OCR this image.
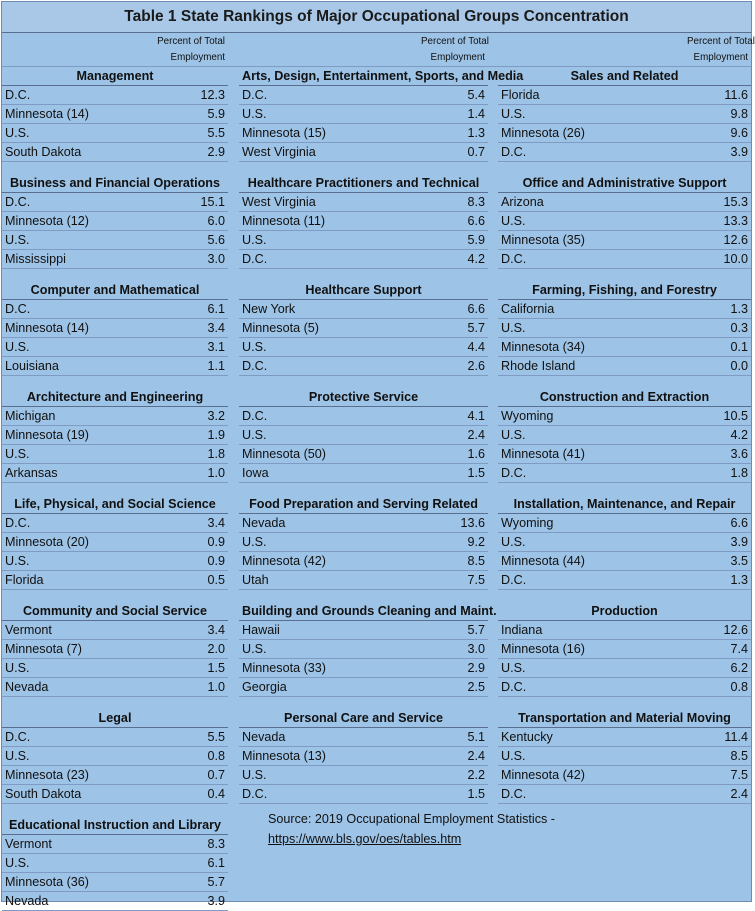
Table 1 State Rankings of Major Occupational Groups Concentration
	Percent of Total			Percent of Total			Percent of Total
	Employment			Employment			Employment
Management			Arts, Design, Entertainment, Sports, and Media			Sales and Related	
D.C.	12.3		D.C.	5.4		Florida	11.6
Minnesota (14)	5.9		U.S.	1.4		U.S.	9.8
U.S.	5.5		Minnesota (15)	1.3		Minnesota (26)	9.6
South Dakota	2.9		West Virginia	0.7		D.C.	3.9

Business and Financial Operations			Healthcare Practitioners and Technical			Office and Administrative Support	
D.C.	15.1		West Virginia	8.3		Arizona	15.3
Minnesota (12)	6.0		Minnesota (11)	6.6		U.S.	13.3
U.S.	5.6		U.S.	5.9		Minnesota (35)	12.6
Mississippi	3.0		D.C.	4.2		D.C.	10.0

Computer and Mathematical			Healthcare Support			Farming, Fishing, and Forestry	
D.C.	6.1		New York	6.6		California	1.3
Minnesota (14)	3.4		Minnesota (5)	5.7		U.S.	0.3
U.S.	3.1		U.S.	4.4		Minnesota (34)	0.1
Louisiana	1.1		D.C.	2.6		Rhode Island	0.0

Architecture and Engineering			Protective Service			Construction and Extraction	
Michigan	3.2		D.C.	4.1		Wyoming	10.5
Minnesota (19)	1.9		U.S.	2.4		U.S.	4.2
U.S.	1.8		Minnesota (50)	1.6		Minnesota (41)	3.6
Arkansas	1.0		Iowa	1.5		D.C.	1.8

Life, Physical, and Social Science			Food Preparation and Serving Related			Installation, Maintenance, and Repair	
D.C.	3.4		Nevada	13.6		Wyoming	6.6
Minnesota (20)	0.9		U.S.	9.2		U.S.	3.9
U.S.	0.9		Minnesota (42)	8.5		Minnesota (44)	3.5
Florida	0.5		Utah	7.5		D.C.	1.3

Community and Social Service			Building and Grounds Cleaning and Maint.			Production	
Vermont	3.4		Hawaii	5.7		Indiana	12.6
Minnesota (7)	2.0		U.S.	3.0		Minnesota (16)	7.4
U.S.	1.5		Minnesota (33)	2.9		U.S.	6.2
Nevada	1.0		Georgia	2.5		D.C.	0.8

Legal			Personal Care and Service			Transportation and Material Moving	
D.C.	5.5		Nevada	5.1		Kentucky	11.4
U.S.	0.8		Minnesota (13)	2.4		U.S.	8.5
Minnesota (23)	0.7		U.S.	2.2		Minnesota (42)	7.5
South Dakota	0.4		D.C.	1.5		D.C.	2.4

Educational Instruction and Library							
Vermont	8.3						
U.S.	6.1						
Minnesota (36)	5.7						
Nevada	3.9						
Source: 2019 Occupational Employment Statistics -
https://www.bls.gov/oes/tables.htm
